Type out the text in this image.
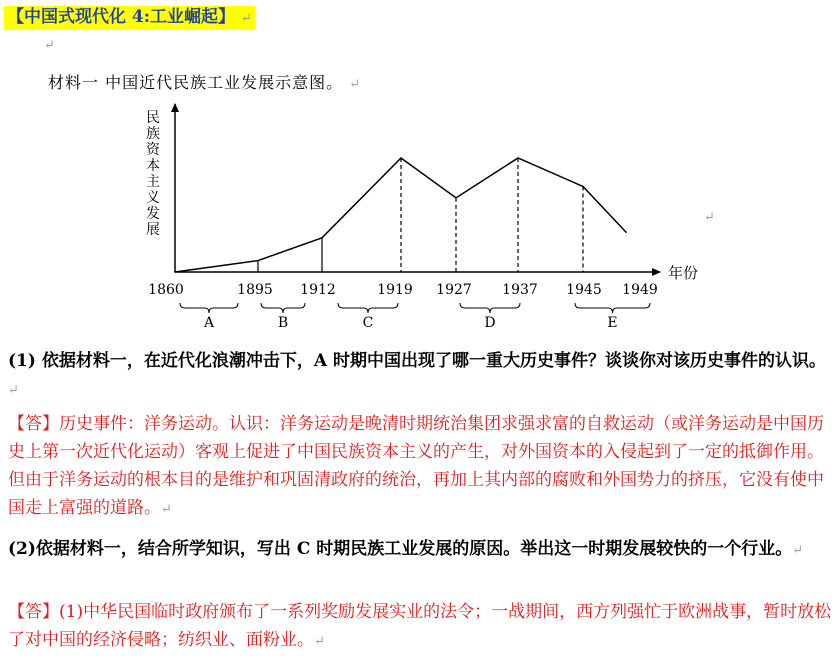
【中国式现代化 4:工业崛起】 ↵
↵
材料一 中国近代民族工业发展示意图。 ↵
民族资本主义发展
年份
1860	1895 1912	1919 1927 1937 1945 1949
A	B	C	D	E
↵
(1) 依据材料一，在近代化浪潮冲击下，A 时期中国出现了哪一重大历史事件？谈谈你对该历史事件的认识。↵
【答】历史事件：洋务运动。认识：洋务运动是晚清时期统治集团求强求富的自救运动（或洋务运动是中国历史上第一次近代化运动）客观上促进了中国民族资本主义的产生，对外国资本的入侵起到了一定的抵御作用。但由于洋务运动的根本目的是维护和巩固清政府的统治，再加上其内部的腐败和外国势力的挤压，它没有使中国走上富强的道路。↵
(2)依据材料一，结合所学知识，写出 C 时期民族工业发展的原因。举出这一时期发展较快的一个行业。↵
【答】(1)中华民国临时政府颁布了一系列奖励发展实业的法令；一战期间，西方列强忙于欧洲战事，暂时放松了对中国的经济侵略；纺织业、面粉业。↵
